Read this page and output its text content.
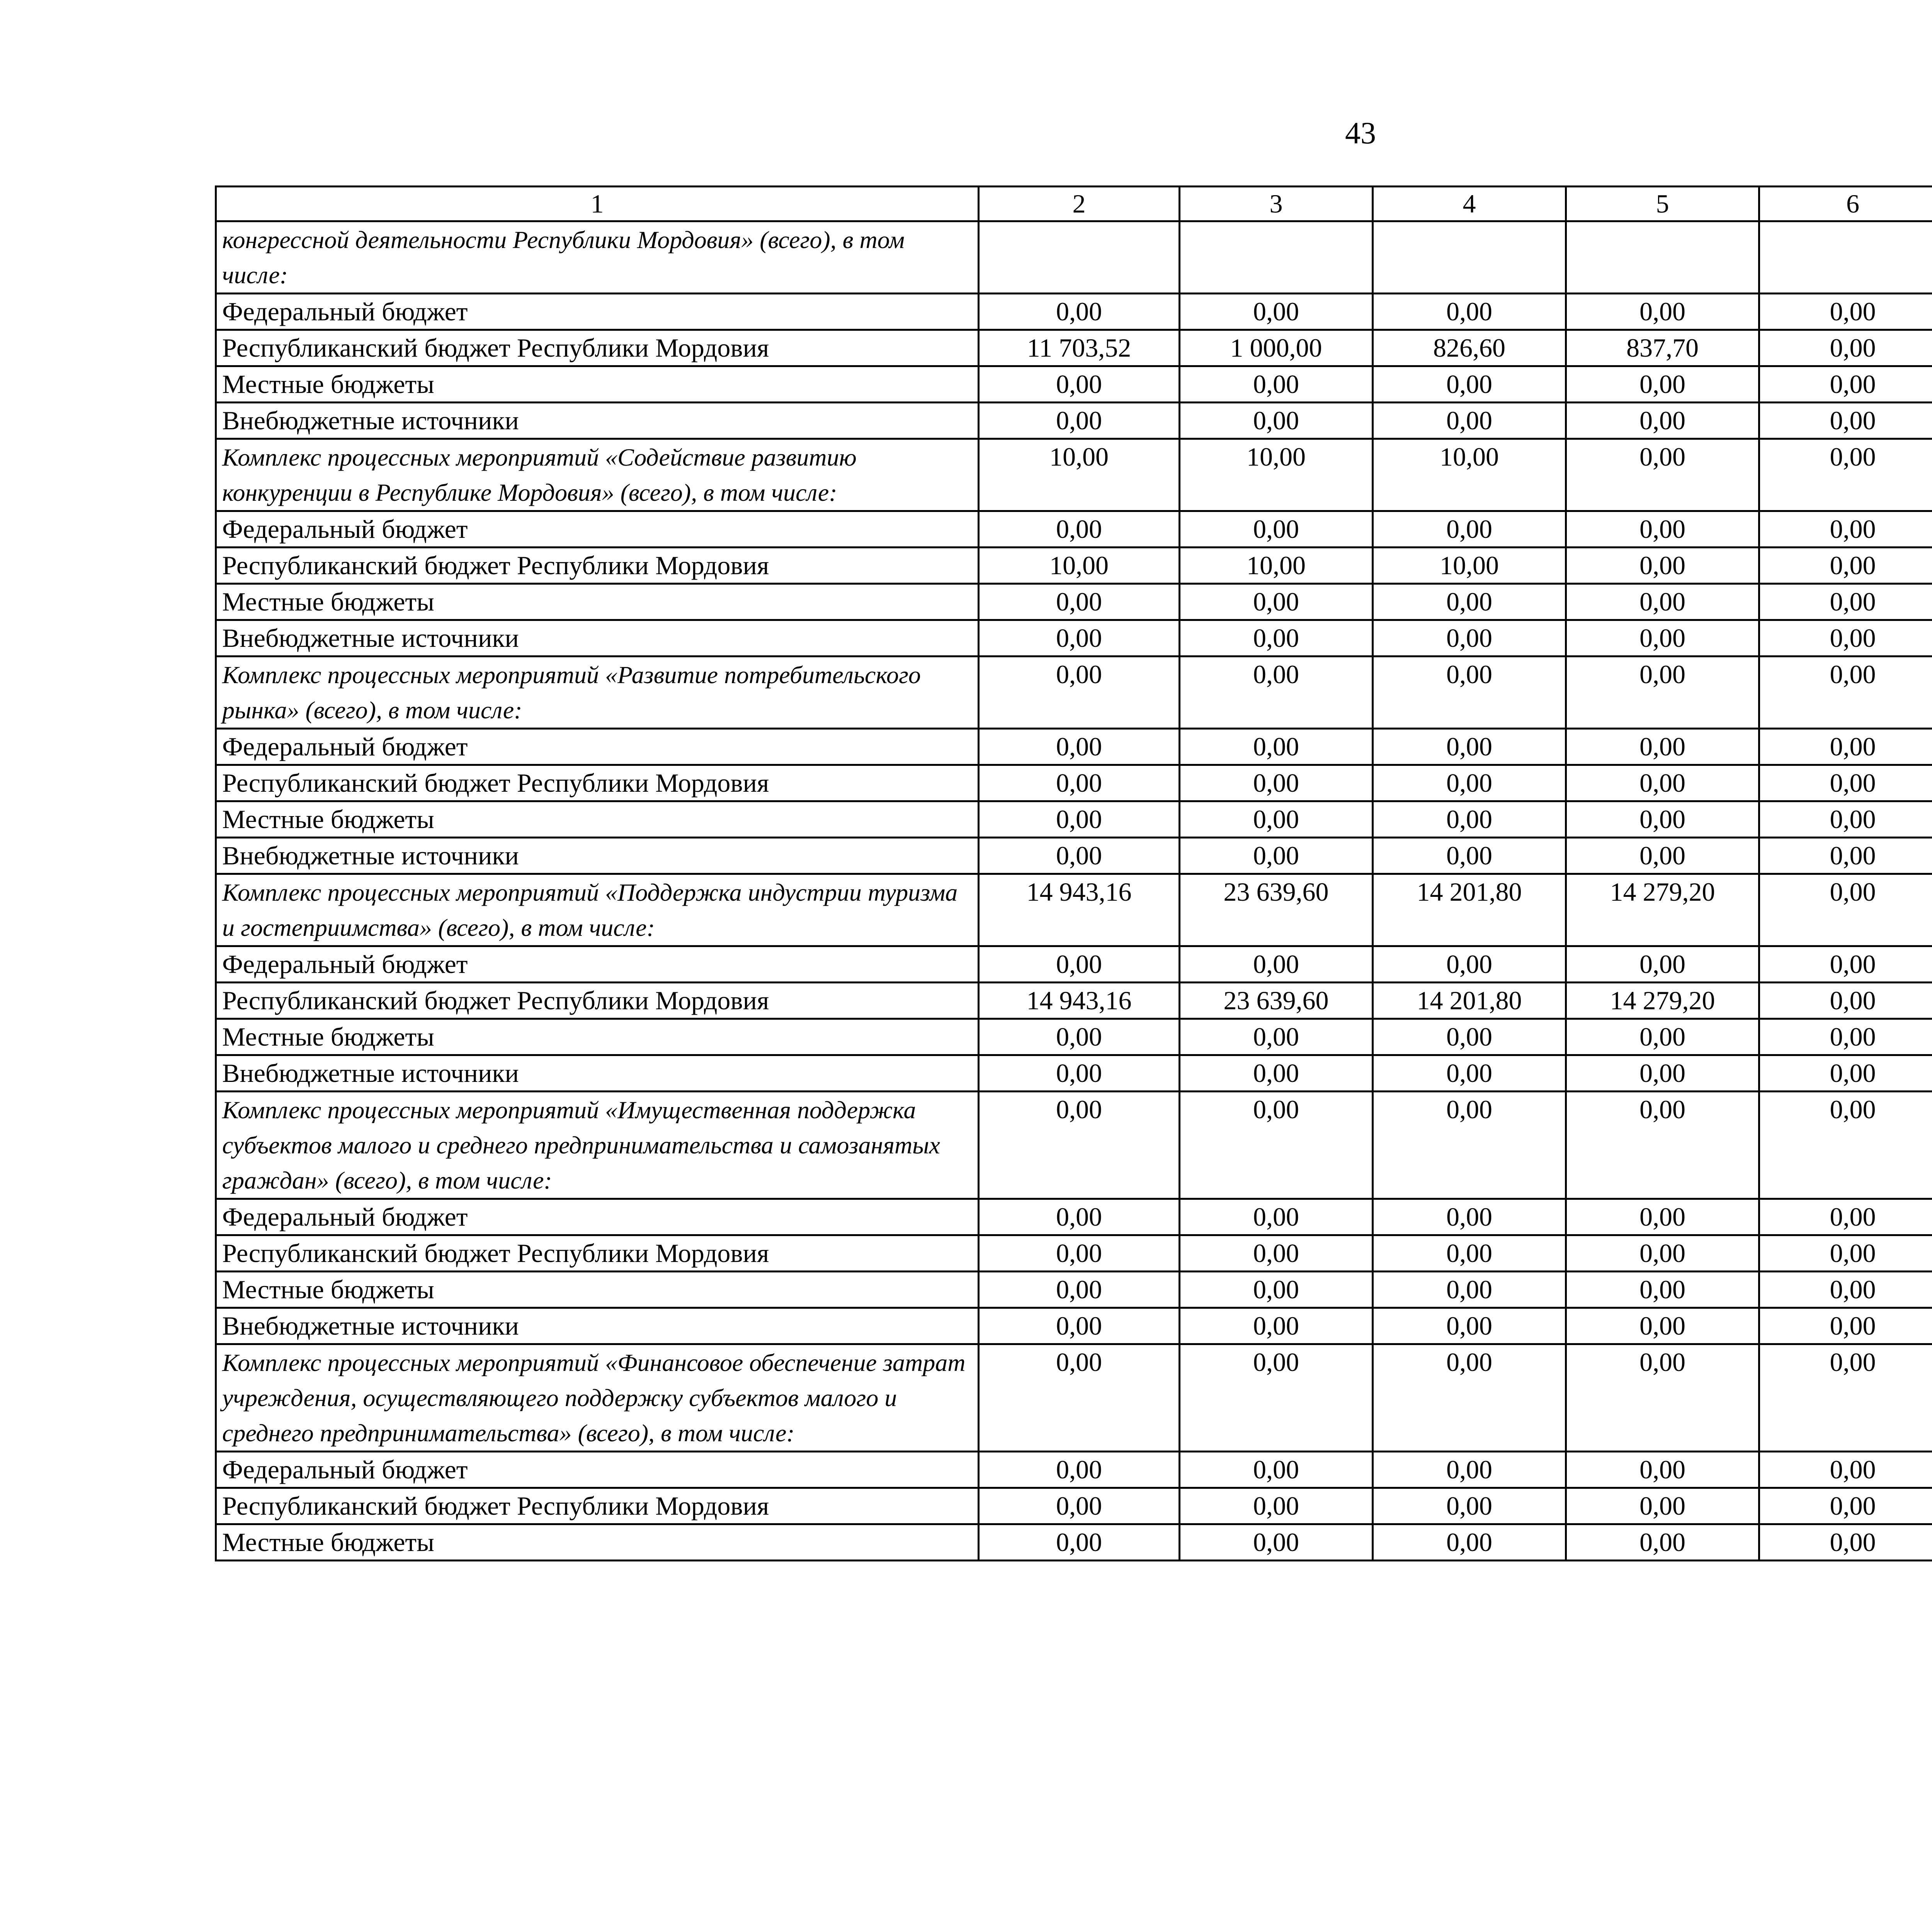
43
1	2	3	4	5	6			
конгрессной деятельности Республики Мордовия» (всего), в том числе:								
Федеральный бюджет	0,00	0,00	0,00	0,00	0,00			
Республиканский бюджет Республики Мордовия	11 703,52	1 000,00	826,60	837,70	0,00			
Местные бюджеты	0,00	0,00	0,00	0,00	0,00			
Внебюджетные источники	0,00	0,00	0,00	0,00	0,00			
Комплекс процессных мероприятий «Содействие развитию конкуренции в Республике Мордовия» (всего), в том числе:	10,00	10,00	10,00	0,00	0,00			
Федеральный бюджет	0,00	0,00	0,00	0,00	0,00			
Республиканский бюджет Республики Мордовия	10,00	10,00	10,00	0,00	0,00			
Местные бюджеты	0,00	0,00	0,00	0,00	0,00			
Внебюджетные источники	0,00	0,00	0,00	0,00	0,00			
Комплекс процессных мероприятий «Развитие потребительского рынка» (всего), в том числе:	0,00	0,00	0,00	0,00	0,00			
Федеральный бюджет	0,00	0,00	0,00	0,00	0,00			
Республиканский бюджет Республики Мордовия	0,00	0,00	0,00	0,00	0,00			
Местные бюджеты	0,00	0,00	0,00	0,00	0,00			
Внебюджетные источники	0,00	0,00	0,00	0,00	0,00			
Комплекс процессных мероприятий «Поддержка индустрии туризма и гостеприимства» (всего), в том числе:	14 943,16	23 639,60	14 201,80	14 279,20	0,00			
Федеральный бюджет	0,00	0,00	0,00	0,00	0,00			
Республиканский бюджет Республики Мордовия	14 943,16	23 639,60	14 201,80	14 279,20	0,00			
Местные бюджеты	0,00	0,00	0,00	0,00	0,00			
Внебюджетные источники	0,00	0,00	0,00	0,00	0,00			
Комплекс процессных мероприятий «Имущественная поддержка субъектов малого и среднего предпринимательства и самозанятых граждан» (всего), в том числе:	0,00	0,00	0,00	0,00	0,00			
Федеральный бюджет	0,00	0,00	0,00	0,00	0,00			
Республиканский бюджет Республики Мордовия	0,00	0,00	0,00	0,00	0,00			
Местные бюджеты	0,00	0,00	0,00	0,00	0,00			
Внебюджетные источники	0,00	0,00	0,00	0,00	0,00			
Комплекс процессных мероприятий «Финансовое обеспечение затрат учреждения, осуществляющего поддержку субъектов малого и среднего предпринимательства» (всего), в том числе:	0,00	0,00	0,00	0,00	0,00			
Федеральный бюджет	0,00	0,00	0,00	0,00	0,00			
Республиканский бюджет Республики Мордовия	0,00	0,00	0,00	0,00	0,00			
Местные бюджеты	0,00	0,00	0,00	0,00	0,00			
